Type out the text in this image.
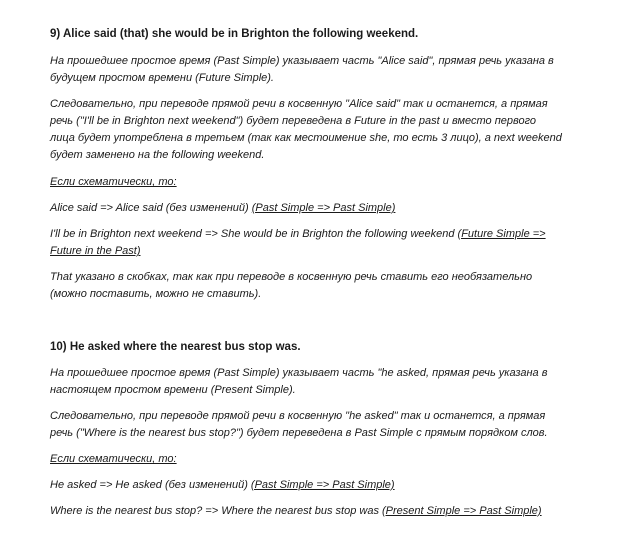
9) Alice said (that) she would be in Brighton the following weekend.
На прошедшее простое время (Past Simple) указывает часть "Alice said", прямая речь указана в
будущем простом времени (Future Simple).
Следовательно, при переводе прямой речи в косвенную "Alice said" так и останется, а прямая
речь ("I'll be in Brighton next weekend") будет переведена в Future in the past и вместо первого
лица будет употреблена в третьем (так как местоимение she, то есть 3 лицо), а next weekend
будет заменено на the following weekend.
Если схематически, то:
Alice said => Alice said (без изменений) (Past Simple => Past Simple)
I'll be in Brighton next weekend => She would be in Brighton the following weekend (Future Simple =>
Future in the Past)
That указано в скобках, так как при переводе в косвенную речь ставить его необязательно
(можно поставить, можно не ставить).
10) He asked where the nearest bus stop was.
На прошедшее простое время (Past Simple) указывает часть "he asked, прямая речь указана в
настоящем простом времени (Present Simple).
Следовательно, при переводе прямой речи в косвенную "he asked" так и останется, а прямая
речь ("Where is the nearest bus stop?") будет переведена в Past Simple с прямым порядком слов.
Если схематически, то:
He asked => He asked (без изменений) (Past Simple => Past Simple)
Where is the nearest bus stop? => Where the nearest bus stop was (Present Simple => Past Simple)
